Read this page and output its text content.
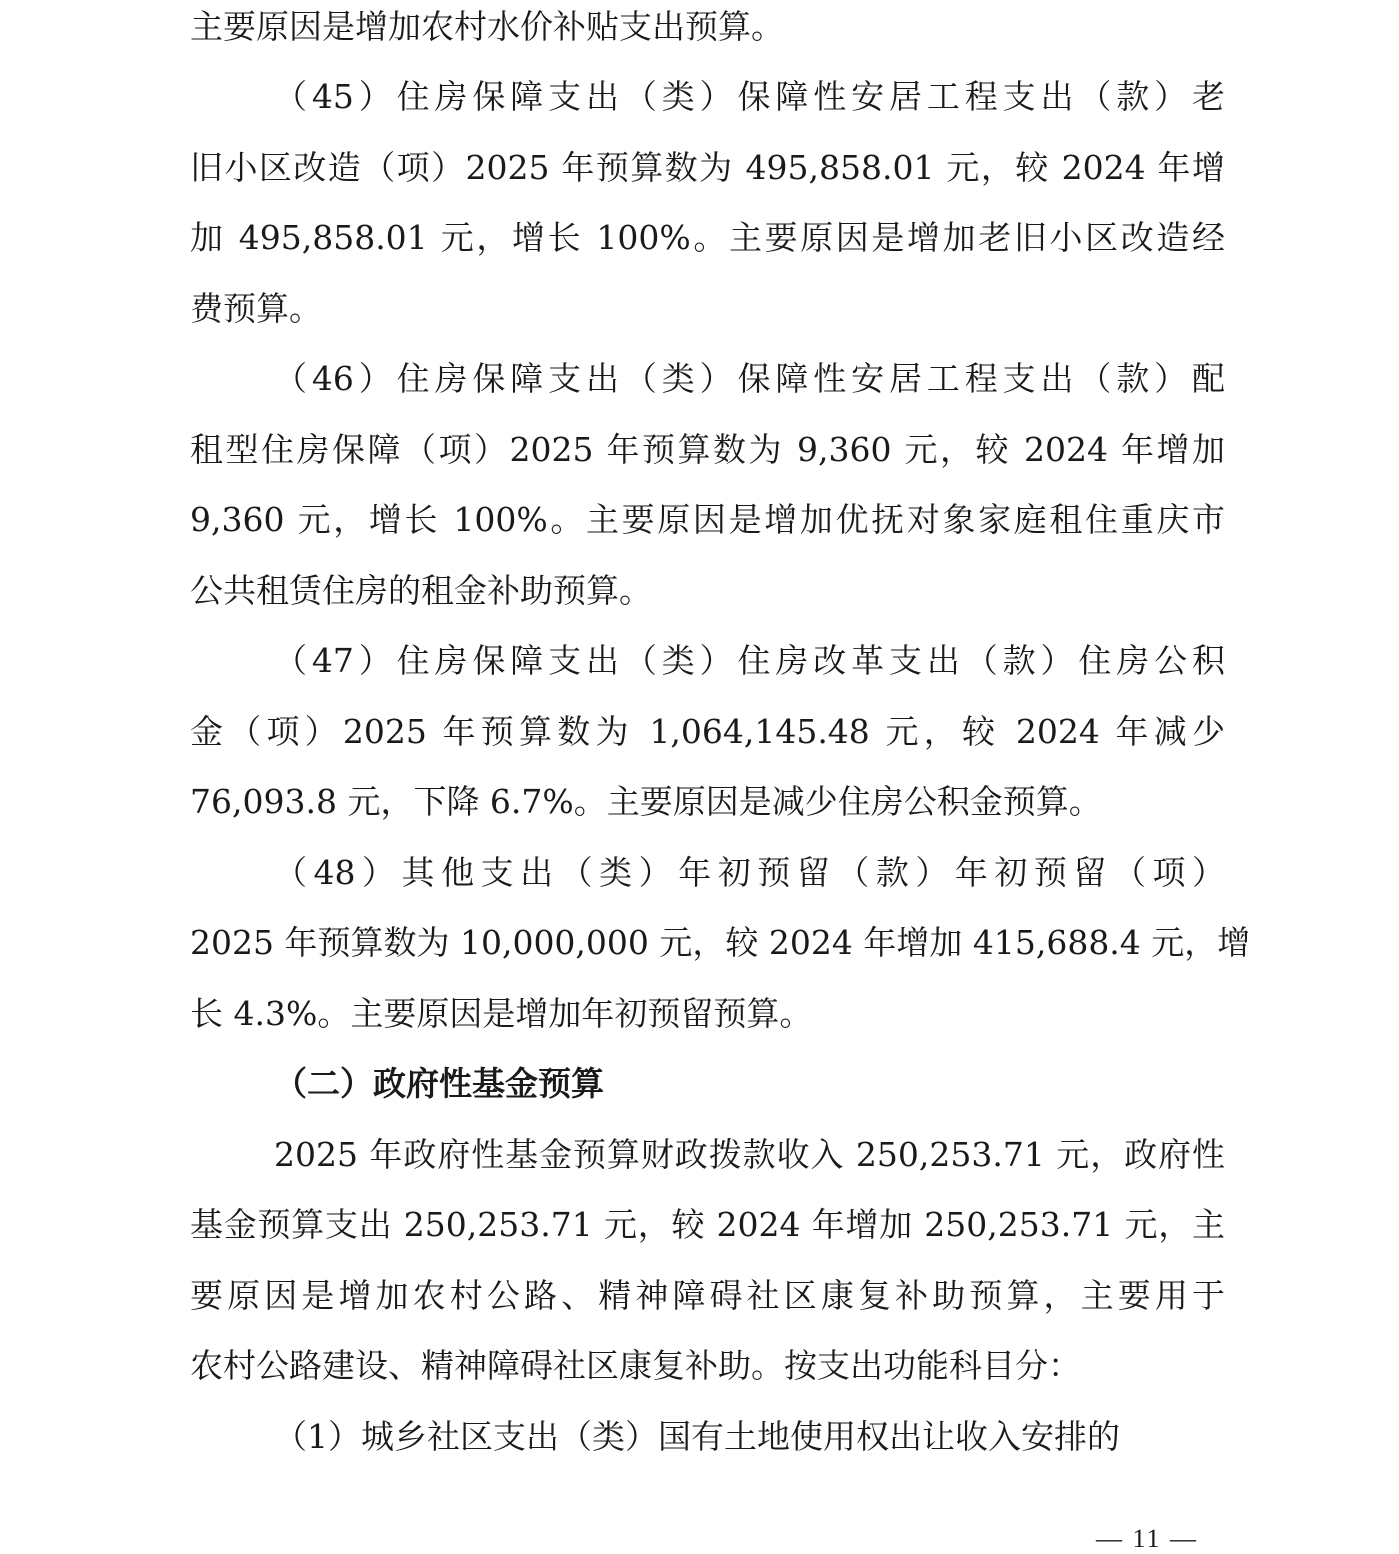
主要原因是增加农村水价补贴支出预算。
（45）住房保障支出（类）保障性安居工程支出（款）老
旧小区改造（项）2025 年预算数为 495,858.01 元，较 2024 年增
加 495,858.01 元，增长 100%。主要原因是增加老旧小区改造经
费预算。
（46）住房保障支出（类）保障性安居工程支出（款）配
租型住房保障（项）2025 年预算数为 9,360 元，较 2024 年增加
9,360 元，增长 100%。主要原因是增加优抚对象家庭租住重庆市
公共租赁住房的租金补助预算。
（47）住房保障支出（类）住房改革支出（款）住房公积
金（项）2025 年预算数为 1,064,145.48 元，较 2024 年减少
76,093.8 元，下降 6.7%。主要原因是减少住房公积金预算。
（48）其他支出（类）年初预留（款）年初预留（项）
2025 年预算数为 10,000,000 元，较 2024 年增加 415,688.4 元，增
长 4.3%。主要原因是增加年初预留预算。
（二）政府性基金预算
2025 年政府性基金预算财政拨款收入 250,253.71 元，政府性
基金预算支出 250,253.71 元，较 2024 年增加 250,253.71 元，主
要原因是增加农村公路、精神障碍社区康复补助预算，主要用于
农村公路建设、精神障碍社区康复补助。按支出功能科目分：
（1）城乡社区支出（类）国有土地使用权出让收入安排的
— 11 —
